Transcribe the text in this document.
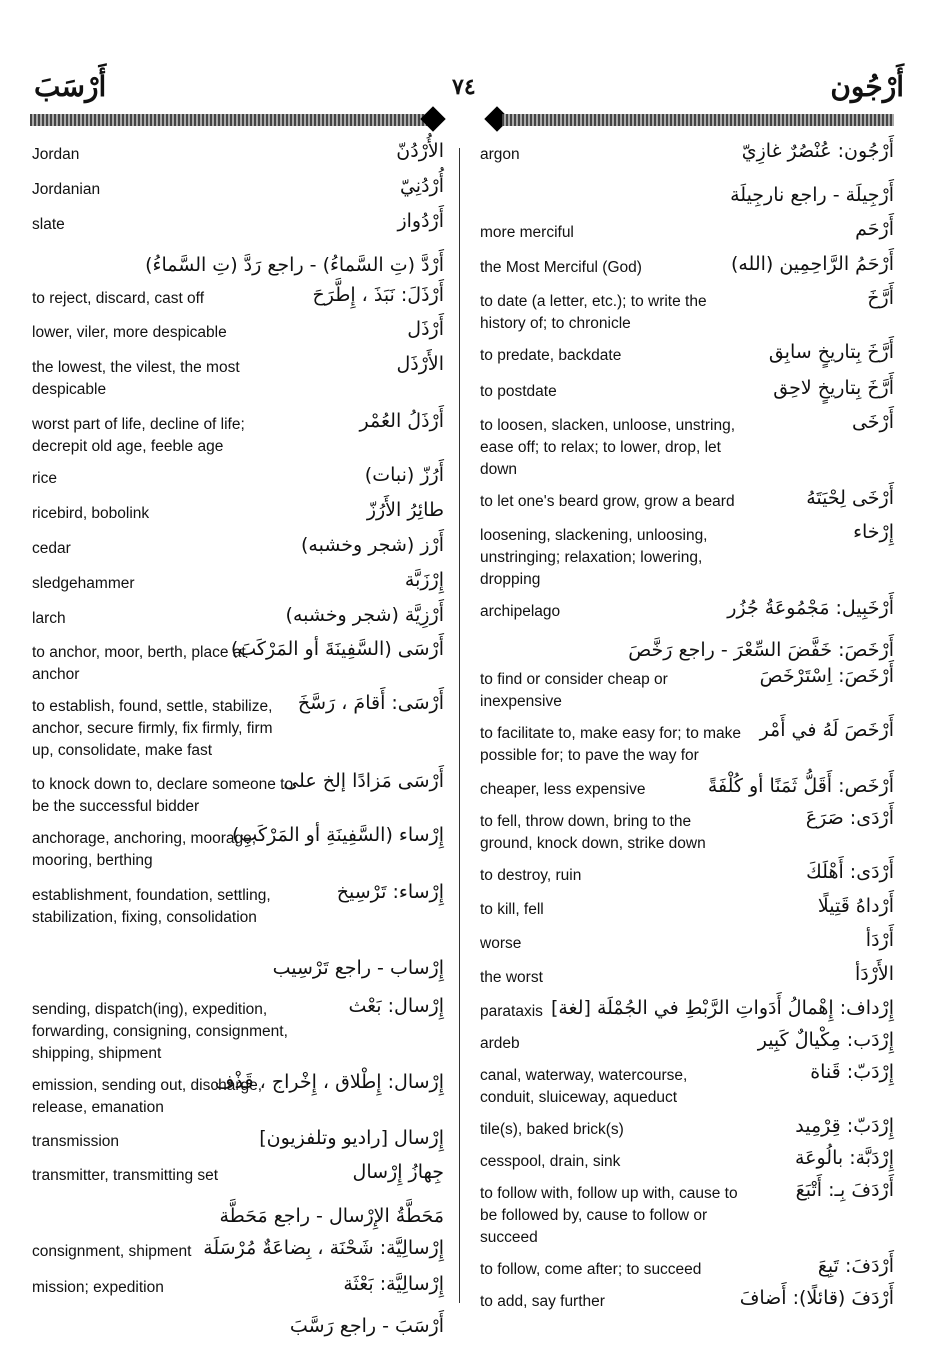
أَرْسَبَ	٧٤	أَرْجُون
الأُرْدُنّ
Jordan
أُرْدُنِيّ
Jordanian
أَرْدُواز
slate
أَرْدَّ (تِ السَّماءُ) - راجع رَدَّ (تِ السَّماءُ)
أَرْذَلَ: نَبَذَ ، إِطَّرَحَ
to reject, discard, cast off
أَرْذَل
lower, viler, more despicable
الأَرْذَل
the lowest, the vilest, the most despicable
أَرْذَلُ العُمْر
worst part of life, decline of life; decrepit old age, feeble age
أَرُزّ (نبات)
rice
طائِرُ الأَرُزّ
ricebird, bobolink
أَرْز (شجر وخشبه)
cedar
إِرْزَبَّة
sledgehammer
أَرْزِيَّة (شجر وخشبه)
larch
أَرْسَى (السَّفِينَةَ أو المَرْكَبَ)
to anchor, moor, berth, place at anchor
أَرْسَى: أَقامَ ، رَسَّخَ
to establish, found, settle, stabilize, anchor, secure firmly, fix firmly, firm up, consolidate, make fast
أَرْسَى مَزادًا إلخ على
to knock down to, declare someone to be the successful bidder
إِرْساء (السَّفِينَةِ أو المَرْكَبِ)
anchorage, anchoring, moorage, mooring, berthing
إِرْساء: تَرْسِيخ
establishment, foundation, settling, stabilization, fixing, consolidation
إِرْساب - راجع تَرْسِيب
إِرْسال: بَعْث
sending, dispatch(ing), expedition, forwarding, consigning, consignment, shipping, shipment
إِرْسال: إِطْلاق ، إِخْراج ، قَذْف
emission, sending out, discharge, release, emanation
إِرْسال [راديو وتلفزيون]
transmission
جِهازُ إِرْسال
transmitter, transmitting set
مَحَطَّةُ الإِرْسال - راجع مَحَطَّة
إِرْسالِيَّة: شَحْنَة ، بِضاعَةٌ مُرْسَلَة
consignment, shipment
إِرْسالِيَّة: بَعْثَة
mission; expedition
أَرْسَبَ - راجع رَسَّبَ
أَرْجُون: عُنْصُرٌ غازِيّ
argon
أَرْجِيلَة - راجع نارجِيلَة
أَرْحَم
more merciful
أَرْحَمُ الرَّاحِمِين (الله)
the Most Merciful (God)
أَرَّخَ
to date (a letter, etc.); to write the history of; to chronicle
أَرَّخَ بِتاريخٍ سابِق
to predate, backdate
أَرَّخَ بِتاريخٍ لاحِق
to postdate
أَرْخَى
to loosen, slacken, unloose, unstring, ease off; to relax; to lower, drop, let down
أَرْخَى لِحْيَتَهُ
to let one's beard grow, grow a beard
إِرْخاء
loosening, slackening, unloosing, unstringing; relaxation; lowering, dropping
أَرْخَبِيل: مَجْمُوعَةُ جُزُر
archipelago
أَرْخَصَ: خَفَّضَ السِّعْرَ - راجع رَخَّصَ
أَرْخَصَ: اِسْتَرْخَصَ
to find or consider cheap or inexpensive
أَرْخَصَ لَهُ في أَمْر
to facilitate to, make easy for; to make possible for; to pave the way for
أَرْخَص: أَقَلُّ ثَمَنًا أو كُلْفَةً
cheaper, less expensive
أَرْدَى: صَرَعَ
to fell, throw down, bring to the ground, knock down, strike down
أَرْدَى: أَهْلَكَ
to destroy, ruin
أَرْداهُ قَتِيلًا
to kill, fell
أَرْدَأ
worse
الأَرْدَأ
the worst
إِرْداف: إِهْمالُ أَدَواتِ الرَّبْطِ في الجُمْلَة [لغة]
parataxis
إِرْدَب: مِكْيالٌ كَبِير
ardeb
إِرْدَبّ: قَناة
canal, waterway, watercourse, conduit, sluiceway, aqueduct
إِرْدَبّ: قِرْمِيد
tile(s), baked brick(s)
إِرْدَبَّة: بالُوعَة
cesspool, drain, sink
أَرْدَفَ بِـ: أَتْبَعَ
to follow with, follow up with, cause to be followed by, cause to follow or succeed
أَرْدَفَ: تَبِعَ
to follow, come after; to succeed
أَرْدَفَ (قائلًا): أَضافَ
to add, say further
